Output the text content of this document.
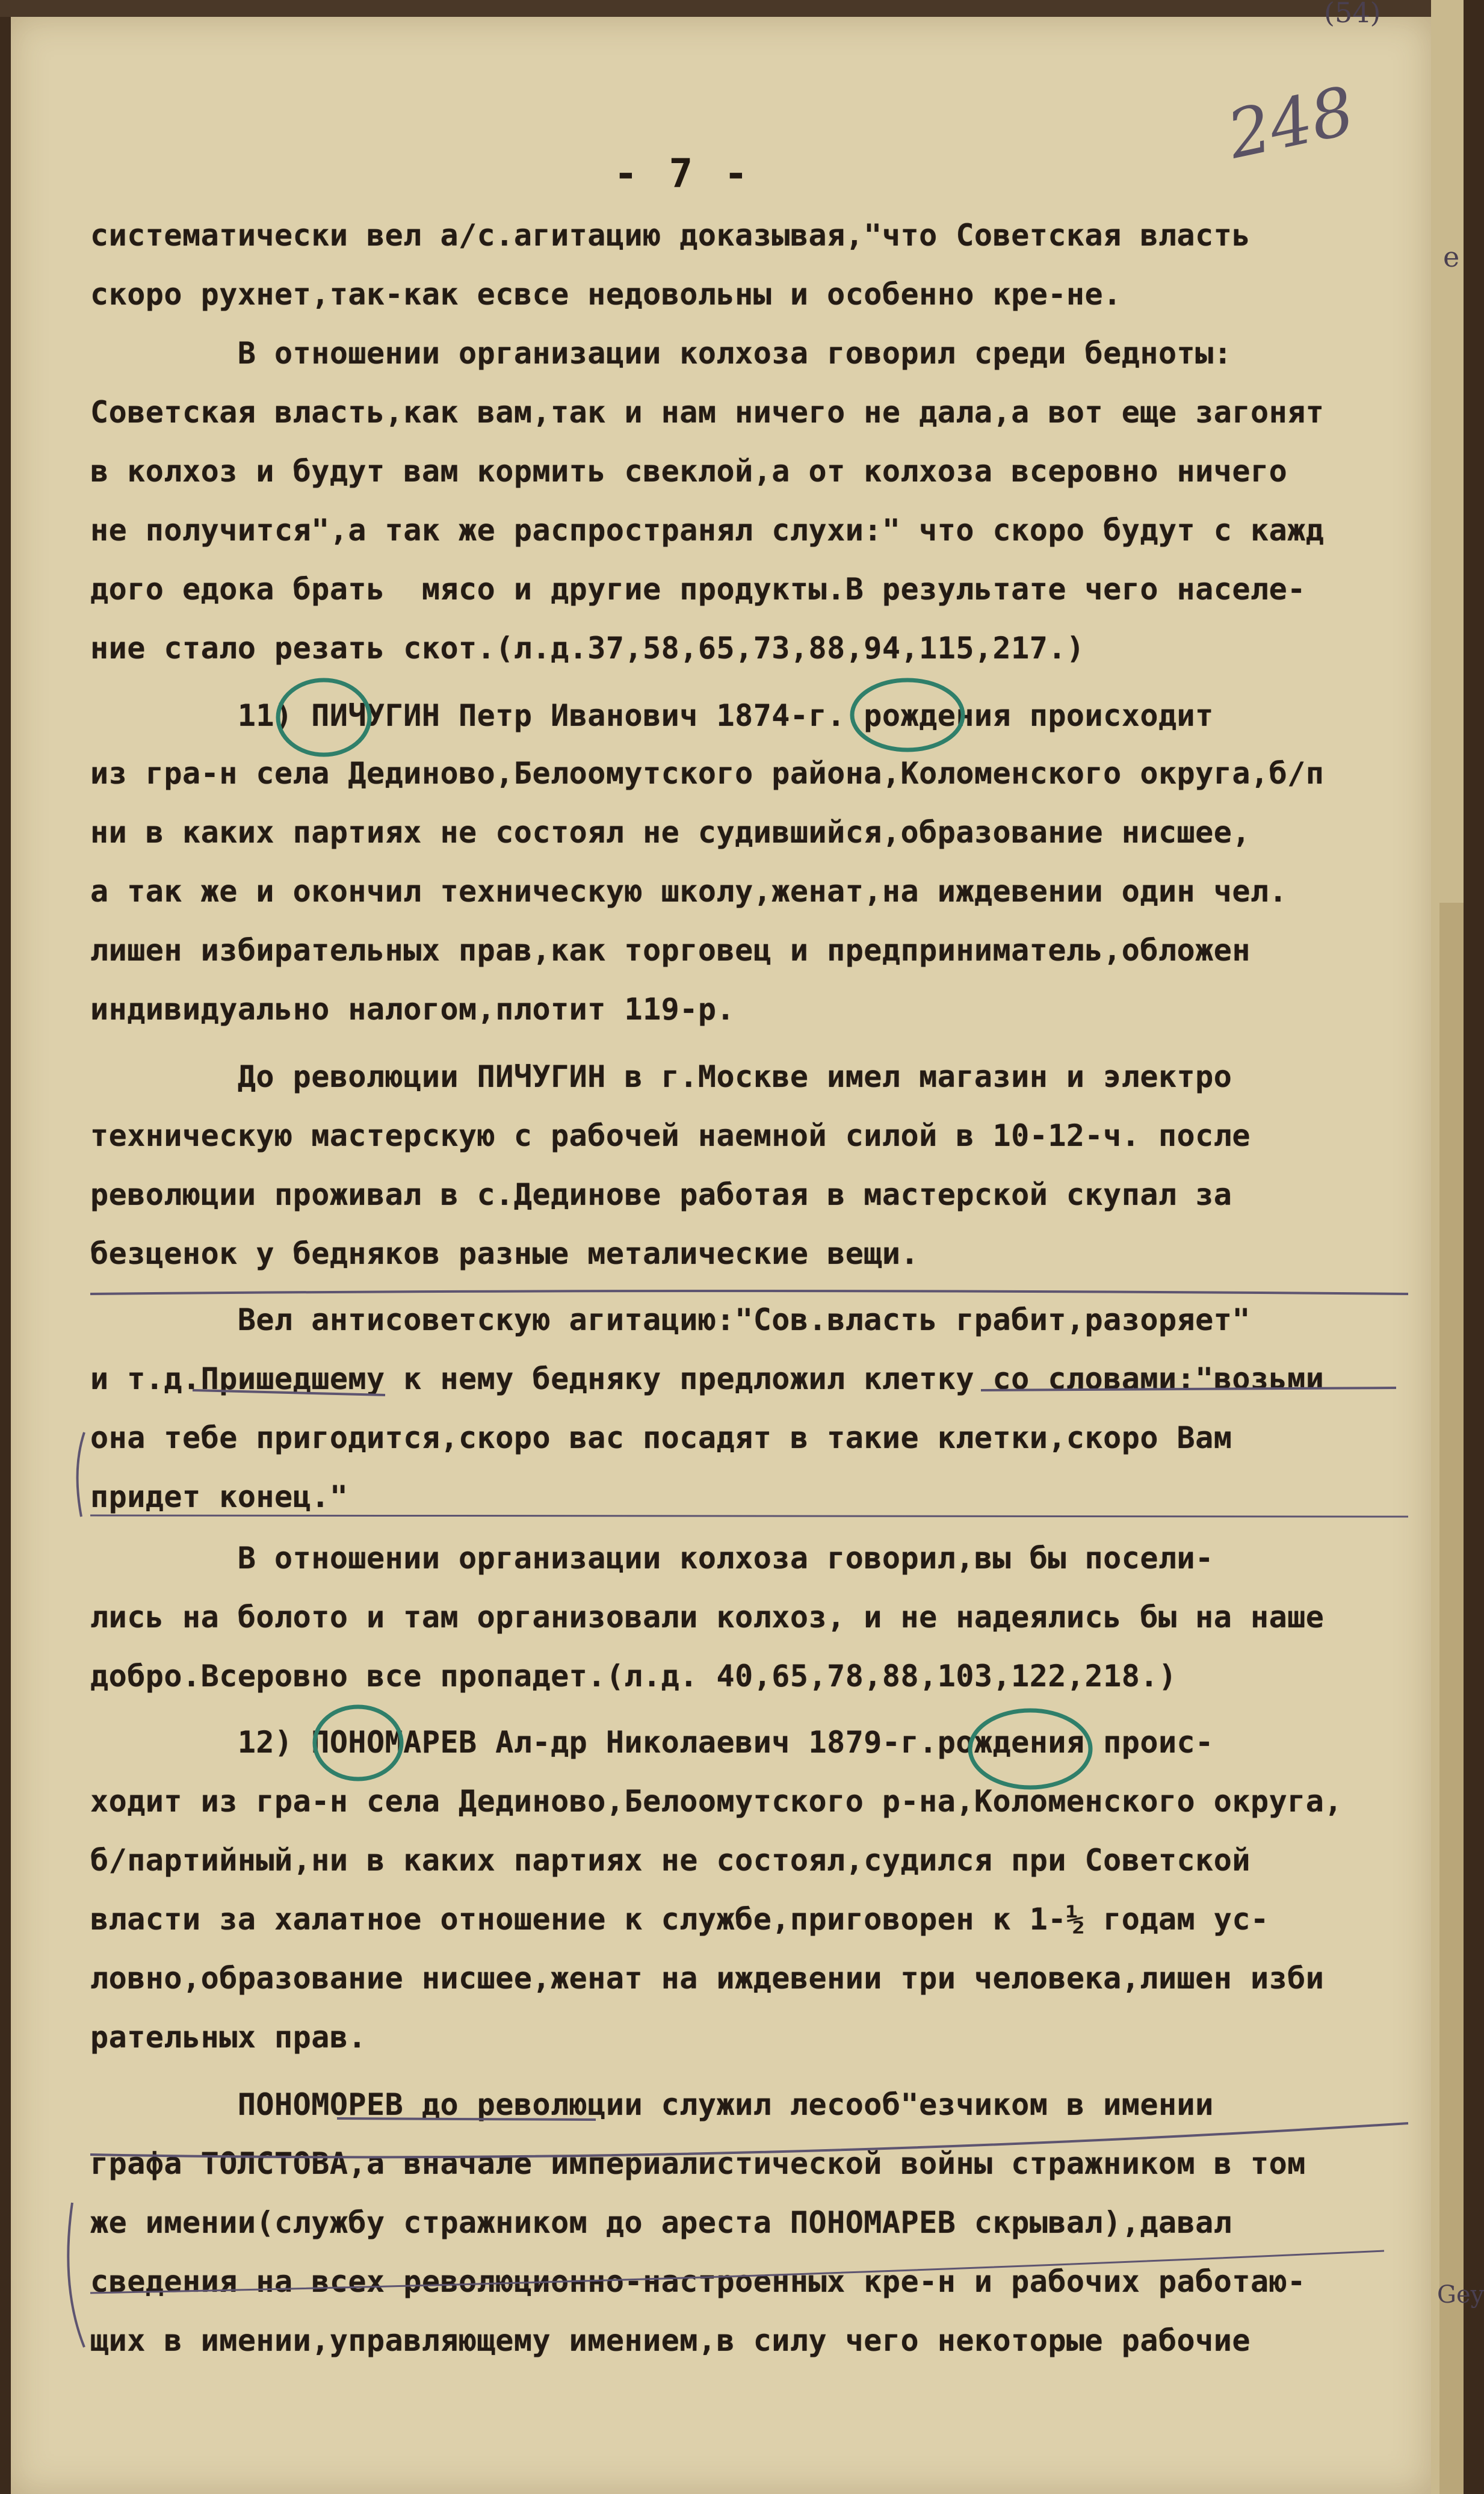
- 7 -
248
(54)
е
Gey
систематически вел а/с.агитацию доказывая,"что Советская власть
скоро рухнет,так-как есвсе недовольны и особенно кре-не.
В отношении организации колхоза говорил среди бедноты:
Советская власть,как вам,так и нам ничего не дала,а вот еще загонят
в колхоз и будут вам кормить свеклой,а от колхоза всеровно ничего
не получится",а так же распространял слухи:" что скоро будут с кажд
дого едока брать  мясо и другие продукты.В результате чего населе-
ние стало резать скот.(л.д.37,58,65,73,88,94,115,217.)
11) ПИЧУГИН Петр Иванович 1874-г. рождения происходит
из гра-н села Дединово,Белоомутского района,Коломенского округа,б/п
ни в каких партиях не состоял не судившийся,образование нисшее,
а так же и окончил техническую школу,женат,на иждевении один чел.
лишен избирательных прав,как торговец и предприниматель,обложен
индивидуально налогом,плотит 119-р.
До революции ПИЧУГИН в г.Москве имел магазин и электро
техническую мастерскую с рабочей наемной силой в 10-12-ч. после
революции проживал в с.Дединове работая в мастерской скупал за
безценок у бедняков разные металические вещи.
Вел антисоветскую агитацию:"Сов.власть грабит,разоряет"
и т.д.Пришедшему к нему бедняку предложил клетку со словами:"возьми
она тебе пригодится,скоро вас посадят в такие клетки,скоро Вам
придет конец."
В отношении организации колхоза говорил,вы бы посели-
лись на болото и там организовали колхоз, и не надеялись бы на наше
добро.Всеровно все пропадет.(л.д. 40,65,78,88,103,122,218.)
12) ПОНОМАРЕВ Ал-др Николаевич 1879-г.рождения проис-
ходит из гра-н села Дединово,Белоомутского р-на,Коломенского округа,
б/партийный,ни в каких партиях не состоял,судился при Советской
власти за халатное отношение к службе,приговорен к 1-½ годам ус-
ловно,образование нисшее,женат на иждевении три человека,лишен изби
рательных прав.
ПОНОМОРЕВ до революции служил лесооб"езчиком в имении
графа ТОЛСТОВА,а вначале империалистической войны стражником в том
же имении(службу стражником до ареста ПОНОМАРЕВ скрывал),давал
сведения на всех революционно-настроенных кре-н и рабочих работаю-
щих в имении,управляющему имением,в силу чего некоторые рабочие
